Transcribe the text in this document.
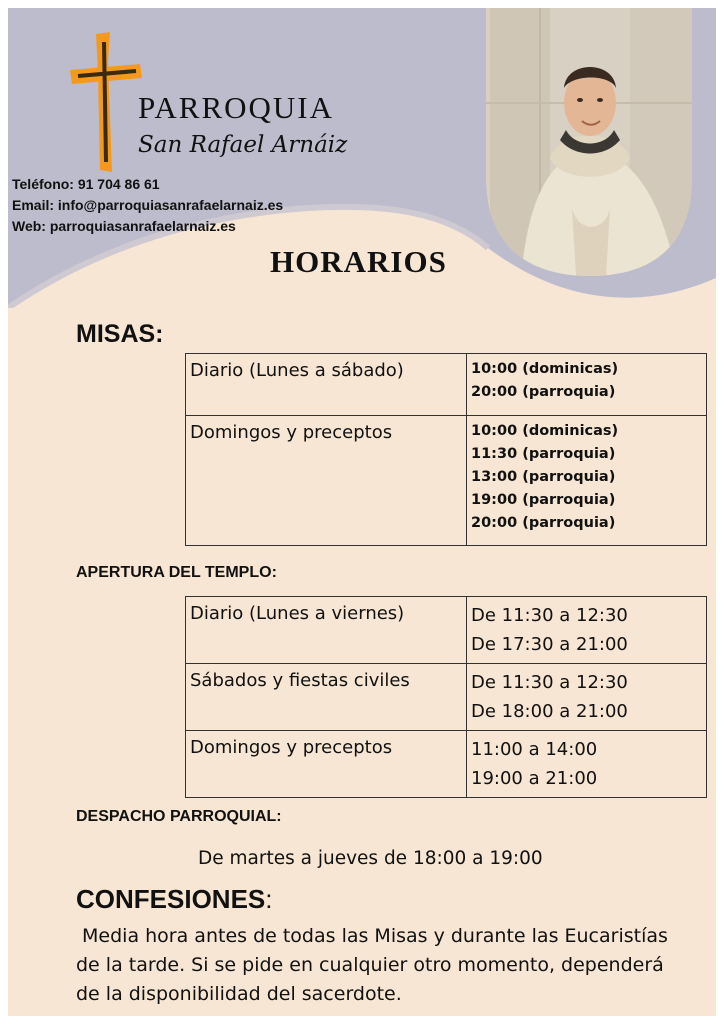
PARROQUIA
San Rafael Arnáiz
Teléfono: 91 704 86 61
Email: info@parroquiasanrafaelarnaiz.es
Web: parroquiasanrafaelarnaiz.es
HORARIOS
MISAS:
Diario (Lunes a sábado)	10:00 (dominicas)
20:00 (parroquia)

Domingos y preceptos	10:00 (dominicas)
11:30 (parroquia)
13:00 (parroquia)
19:00 (parroquia)
20:00 (parroquia)
APERTURA DEL TEMPLO:
Diario (Lunes a viernes)	De 11:30 a 12:30
De 17:30 a 21:00

Sábados y fiestas civiles	De 11:30 a 12:30
De 18:00 a 21:00

Domingos y preceptos	11:00 a 14:00
19:00 a 21:00
DESPACHO PARROQUIAL:
De martes a jueves de 18:00 a 19:00
CONFESIONES:
Media hora antes de todas las Misas y durante las Eucaristías
de la tarde. Si se pide en cualquier otro momento, dependerá
de la disponibilidad del sacerdote.
